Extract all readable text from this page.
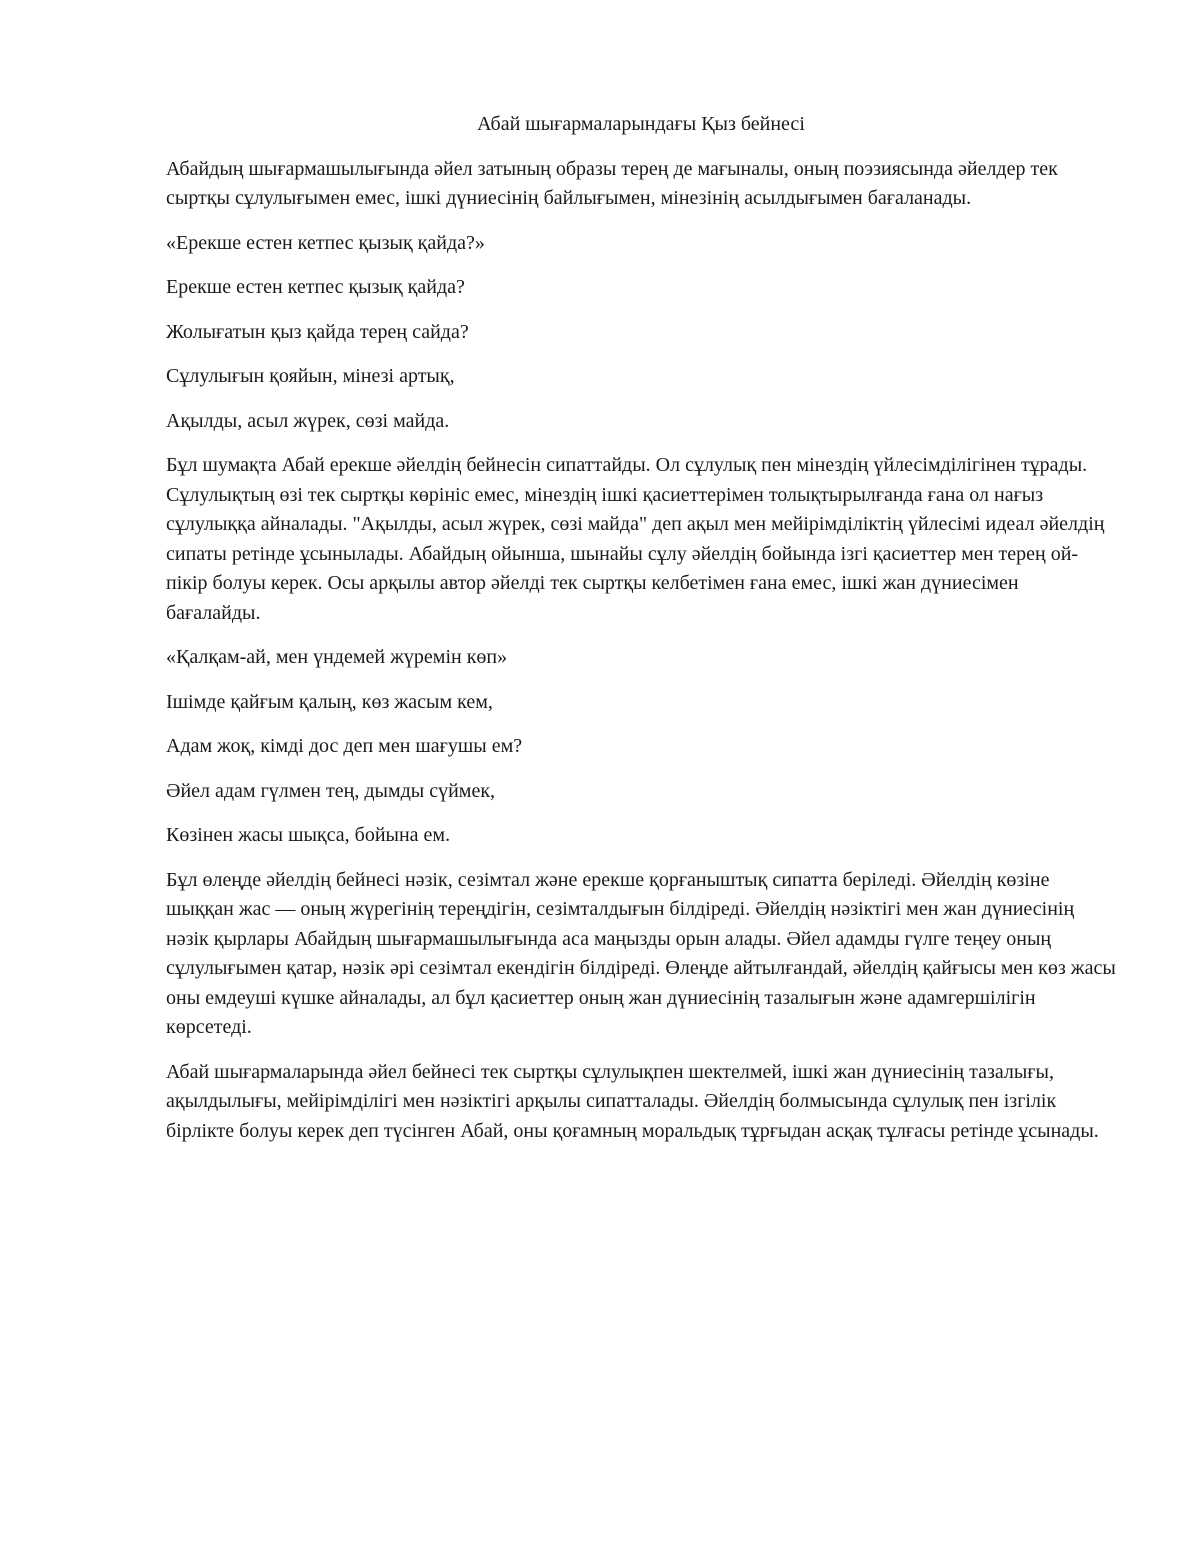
Абай шығармаларындағы Қыз бейнесі

Абайдың шығармашылығында әйел затының образы терең де мағыналы, оның поэзиясында әйелдер тек сыртқы сұлулығымен емес, ішкі дүниесінің байлығымен, мінезінің асылдығымен бағаланады.

«Ерекше естен кетпес қызық қайда?»

Ерекше естен кетпес қызық қайда?

Жолығатын қыз қайда терең сайда?

Сұлулығын қояйын, мінезі артық,

Ақылды, асыл жүрек, сөзі майда.

Бұл шумақта Абай ерекше әйелдің бейнесін сипаттайды. Ол сұлулық пен мінездің үйлесімділігінен тұрады. Сұлулықтың өзі тек сыртқы көрініс емес, мінездің ішкі қасиеттерімен толықтырылғанда ғана ол нағыз сұлулыққа айналады. "Ақылды, асыл жүрек, сөзі майда" деп ақыл мен мейірімділіктің үйлесімі идеал әйелдің сипаты ретінде ұсынылады. Абайдың ойынша, шынайы сұлу әйелдің бойында ізгі қасиеттер мен терең ой-пікір болуы керек. Осы арқылы автор әйелді тек сыртқы келбетімен ғана емес, ішкі жан дүниесімен бағалайды.

«Қалқам-ай, мен үндемей жүремін көп»

Ішімде қайғым қалың, көз жасым кем,

Адам жоқ, кімді дос деп мен шағушы ем?

Әйел адам гүлмен тең, дымды сүймек,

Көзінен жасы шықса, бойына ем.

Бұл өлеңде әйелдің бейнесі нәзік, сезімтал және ерекше қорғаныштық сипатта беріледі. Әйелдің көзіне шыққан жас — оның жүрегінің тереңдігін, сезімталдығын білдіреді. Әйелдің нәзіктігі мен жан дүниесінің нәзік қырлары Абайдың шығармашылығында аса маңызды орын алады. Әйел адамды гүлге теңеу оның сұлулығымен қатар, нәзік әрі сезімтал екендігін білдіреді. Өлеңде айтылғандай, әйелдің қайғысы мен көз жасы оны емдеуші күшке айналады, ал бұл қасиеттер оның жан дүниесінің тазалығын және адамгершілігін көрсетеді.

Абай шығармаларында әйел бейнесі тек сыртқы сұлулықпен шектелмей, ішкі жан дүниесінің тазалығы, ақылдылығы, мейірімділігі мен нәзіктігі арқылы сипатталады. Әйелдің болмысында сұлулық пен ізгілік бірлікте болуы керек деп түсінген Абай, оны қоғамның моральдық тұрғыдан асқақ тұлғасы ретінде ұсынады.
